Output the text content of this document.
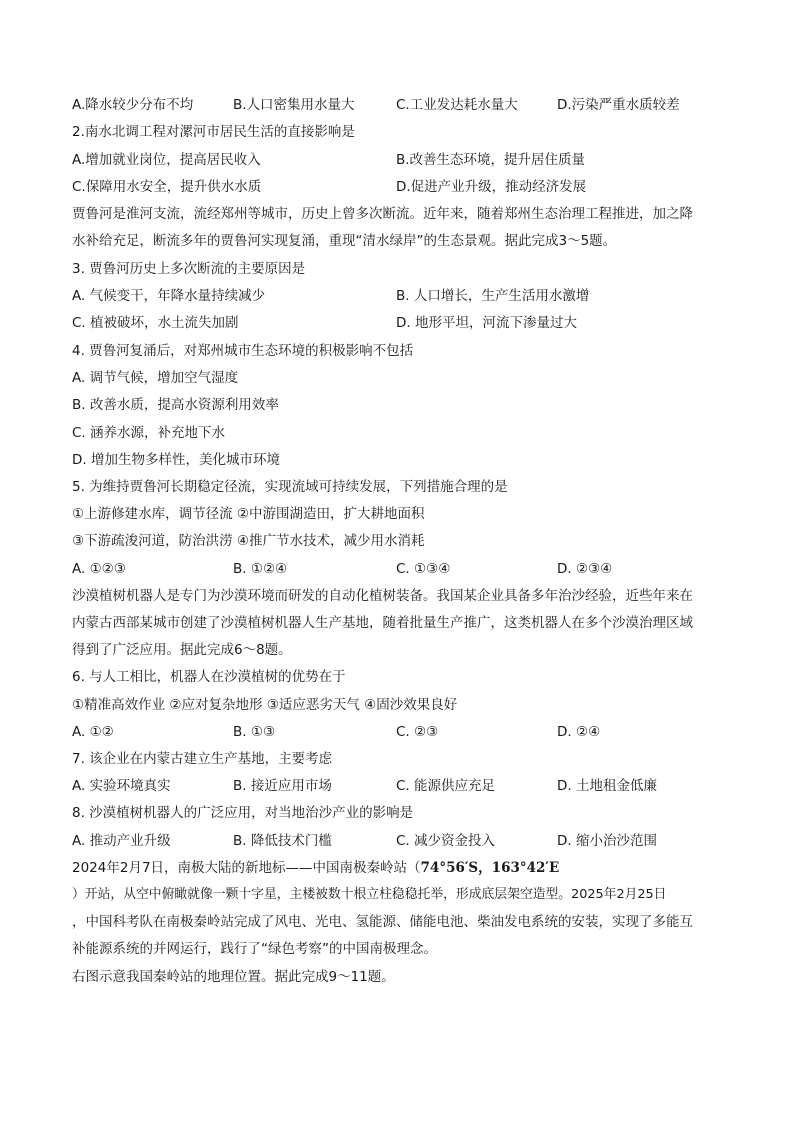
A.降水较少分布不均	B.人口密集用水量大	C.工业发达耗水量大	D.污染严重水质较差
2.南水北调工程对漯河市居民生活的直接影响是
A.增加就业岗位，提高居民收入	B.改善生态环境，提升居住质量
C.保障用水安全，提升供水水质	D.促进产业升级，推动经济发展
贾鲁河是淮河支流，流经郑州等城市，历史上曾多次断流。近年来，随着郑州生态治理工程推进，加之降
水补给充足，断流多年的贾鲁河实现复涌，重现“清水绿岸”的生态景观。据此完成3～5题。
3. 贾鲁河历史上多次断流的主要原因是
A. 气候变干，年降水量持续减少	B. 人口增长，生产生活用水激增
C. 植被破坏，水土流失加剧	D. 地形平坦，河流下渗量过大
4. 贾鲁河复涌后，对郑州城市生态环境的积极影响不包括
A. 调节气候，增加空气湿度
B. 改善水质，提高水资源利用效率
C. 涵养水源，补充地下水
D. 增加生物多样性，美化城市环境
5. 为维持贾鲁河长期稳定径流，实现流域可持续发展，下列措施合理的是
①上游修建水库，调节径流 ②中游围湖造田，扩大耕地面积
③下游疏浚河道，防治洪涝 ④推广节水技术，减少用水消耗
A. ①②③	B. ①②④	C. ①③④	D. ②③④
沙漠植树机器人是专门为沙漠环境而研发的自动化植树装备。我国某企业具备多年治沙经验，近些年来在
内蒙古西部某城市创建了沙漠植树机器人生产基地，随着批量生产推广，这类机器人在多个沙漠治理区域
得到了广泛应用。据此完成6～8题。
6. 与人工相比，机器人在沙漠植树的优势在于
①精准高效作业 ②应对复杂地形 ③适应恶劣天气 ④固沙效果良好
A. ①②	B. ①③	C. ②③	D. ②④
7. 该企业在内蒙古建立生产基地，主要考虑
A. 实验环境真实	B. 接近应用市场	C. 能源供应充足	D. 土地租金低廉
8. 沙漠植树机器人的广泛应用，对当地治沙产业的影响是
A. 推动产业升级	B. 降低技术门槛	C. 减少资金投入	D. 缩小治沙范围
2024年2月7日，南极大陆的新地标——中国南极秦岭站（74°56′S，163°42′E
）开站，从空中俯瞰就像一颗十字星，主楼被数十根立柱稳稳托举，形成底层架空造型。2025年2月25日
，中国科考队在南极秦岭站完成了风电、光电、氢能源、储能电池、柴油发电系统的安装，实现了多能互
补能源系统的并网运行，践行了“绿色考察”的中国南极理念。
右图示意我国秦岭站的地理位置。据此完成9～11题。
